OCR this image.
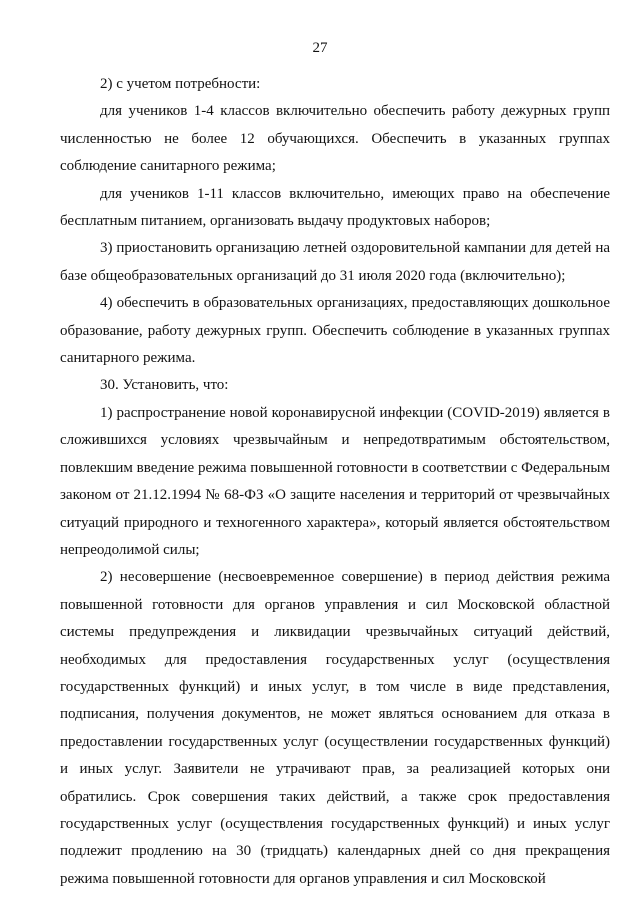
27

2) с учетом потребности:

для учеников 1-4 классов включительно обеспечить работу дежурных групп численностью не более 12 обучающихся. Обеспечить в указанных группах соблюдение санитарного режима;

для учеников 1-11 классов включительно, имеющих право на обеспечение бесплатным питанием, организовать выдачу продуктовых наборов;

3) приостановить организацию летней оздоровительной кампании для детей на базе общеобразовательных организаций до 31 июля 2020 года (включительно);

4) обеспечить в образовательных организациях, предоставляющих дошкольное образование, работу дежурных групп. Обеспечить соблюдение в указанных группах санитарного режима.

30. Установить, что:

1) распространение новой коронавирусной инфекции (COVID-2019) является в сложившихся условиях чрезвычайным и непредотвратимым обстоятельством, повлекшим введение режима повышенной готовности в соответствии с Федеральным законом от 21.12.1994 № 68-ФЗ «О защите населения и территорий от чрезвычайных ситуаций природного и техногенного характера», который является обстоятельством непреодолимой силы;

2) несовершение (несвоевременное совершение) в период действия режима повышенной готовности для органов управления и сил Московской областной системы предупреждения и ликвидации чрезвычайных ситуаций действий, необходимых для предоставления государственных услуг (осуществления государственных функций) и иных услуг, в том числе в виде представления, подписания, получения документов, не может являться основанием для отказа в предоставлении государственных услуг (осуществлении государственных функций) и иных услуг. Заявители не утрачивают прав, за реализацией которых они обратились. Срок совершения таких действий, а также срок предоставления государственных услуг (осуществления государственных функций) и иных услуг подлежит продлению на 30 (тридцать) календарных дней со дня прекращения режима повышенной готовности для органов управления и сил Московской
